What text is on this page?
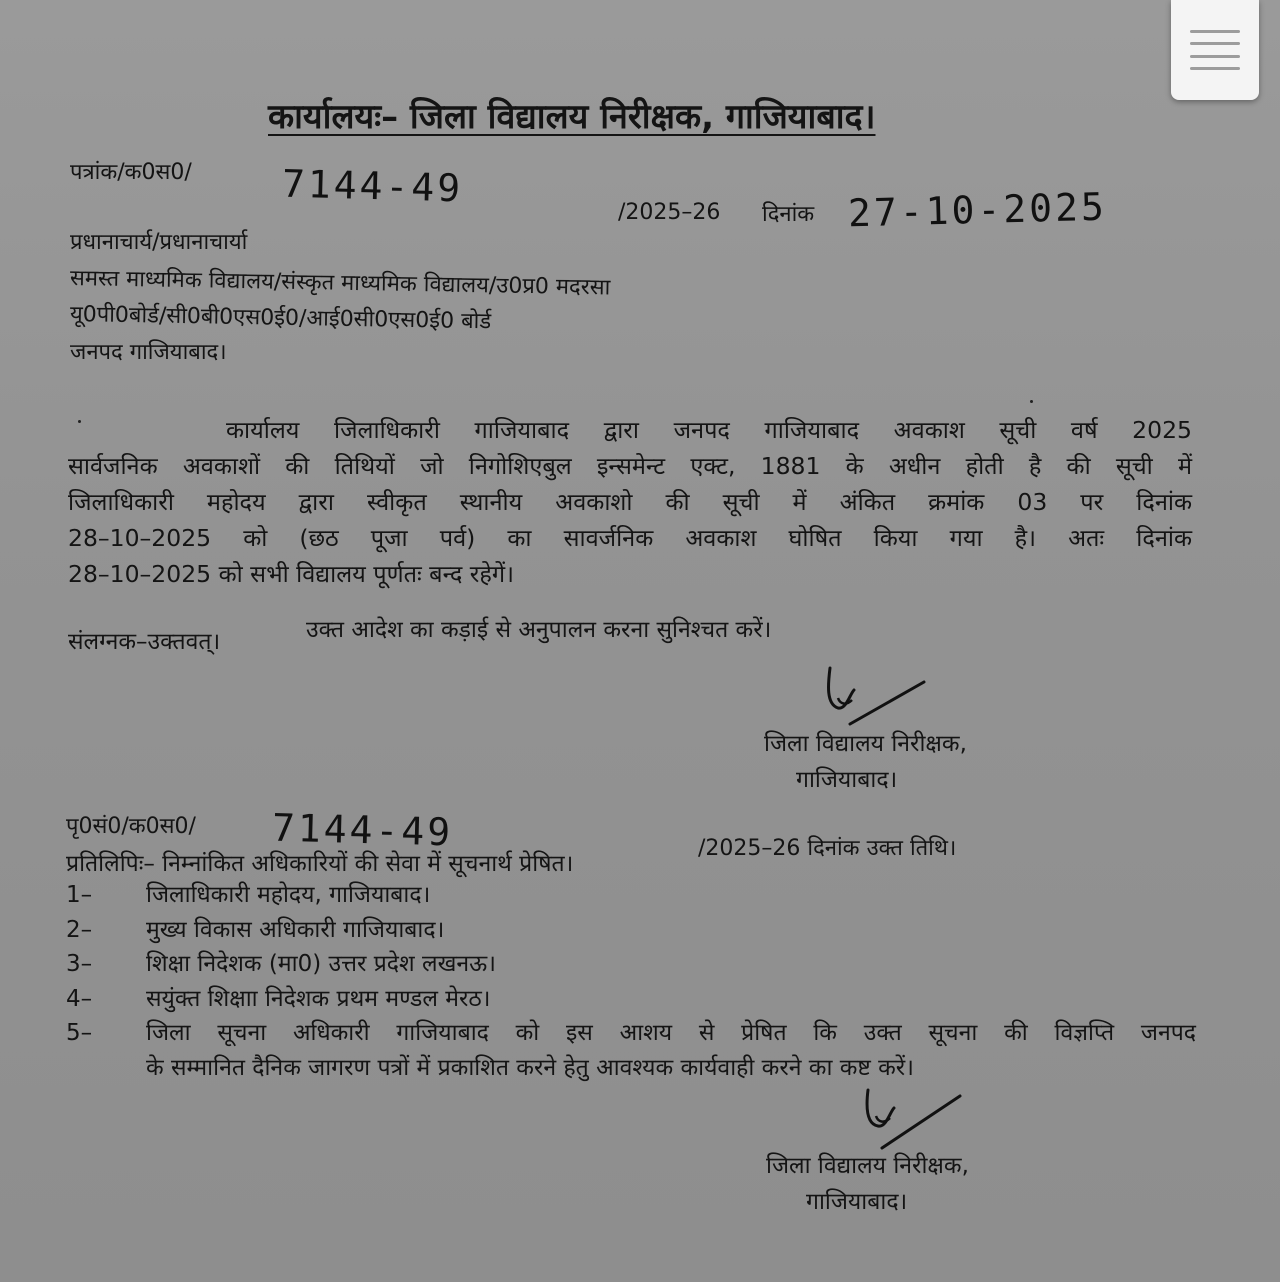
कार्यालयः– जिला विद्यालय निरीक्षक, गाजियाबाद।
पत्रांक/क0स0/ 7144-49
/2025–26 दिनांक 27-10-2025
प्रधानाचार्य/प्रधानाचार्या
समस्त माध्यमिक विद्यालय/संस्कृत माध्यमिक विद्यालय/उ0प्र0 मदरसा
यू0पी0बोर्ड/सी0बी0एस0ई0/आई0सी0एस0ई0 बोर्ड
जनपद गाजियाबाद।

कार्यालय जिलाधिकारी गाजियाबाद द्वारा जनपद गाजियाबाद अवकाश सूची वर्ष 2025

सार्वजनिक अवकाशों की तिथियों जो निगोशिएबुल इन्समेन्ट एक्ट, 1881 के अधीन होती है की सूची में

जिलाधिकारी महोदय द्वारा स्वीकृत स्थानीय अवकाशो की सूची में अंकित क्रमांक 03 पर दिनांक

28–10–2025 को (छठ पूजा पर्व) का सावर्जनिक अवकाश घोषित किया गया है। अतः दिनांक

28–10–2025 को सभी विद्यालय पूर्णतः बन्द रहेगें।

उक्त आदेश का कड़ाई से अनुपालन करना सुनिश्चत करें।
संलग्नक–उक्तवत्।
जिला विद्यालय निरीक्षक,
गाजियाबाद।
पृ0सं0/क0स0/ 7144-49	/2025–26 दिनांक उक्त तिथि।
प्रतिलिपिः– निम्नांकित अधिकारियों की सेवा में सूचनार्थ प्रेषित।
1–	जिलाधिकारी महोदय, गाजियाबाद।
2–	मुख्य विकास अधिकारी गाजियाबाद।
3–	शिक्षा निदेशक (मा0) उत्तर प्रदेश लखनऊ।
4–	सयुंक्त शिक्षाा निदेशक प्रथम मण्डल मेरठ।
5–	जिला सूचना अधिकारी गाजियाबाद को इस आशय से प्रेषित कि उक्त सूचना की विज्ञप्ति जनपद
के सम्मानित दैनिक जागरण पत्रों में प्रकाशित करने हेतु आवश्यक कार्यवाही करने का कष्ट करें।
जिला विद्यालय निरीक्षक,
गाजियाबाद।
